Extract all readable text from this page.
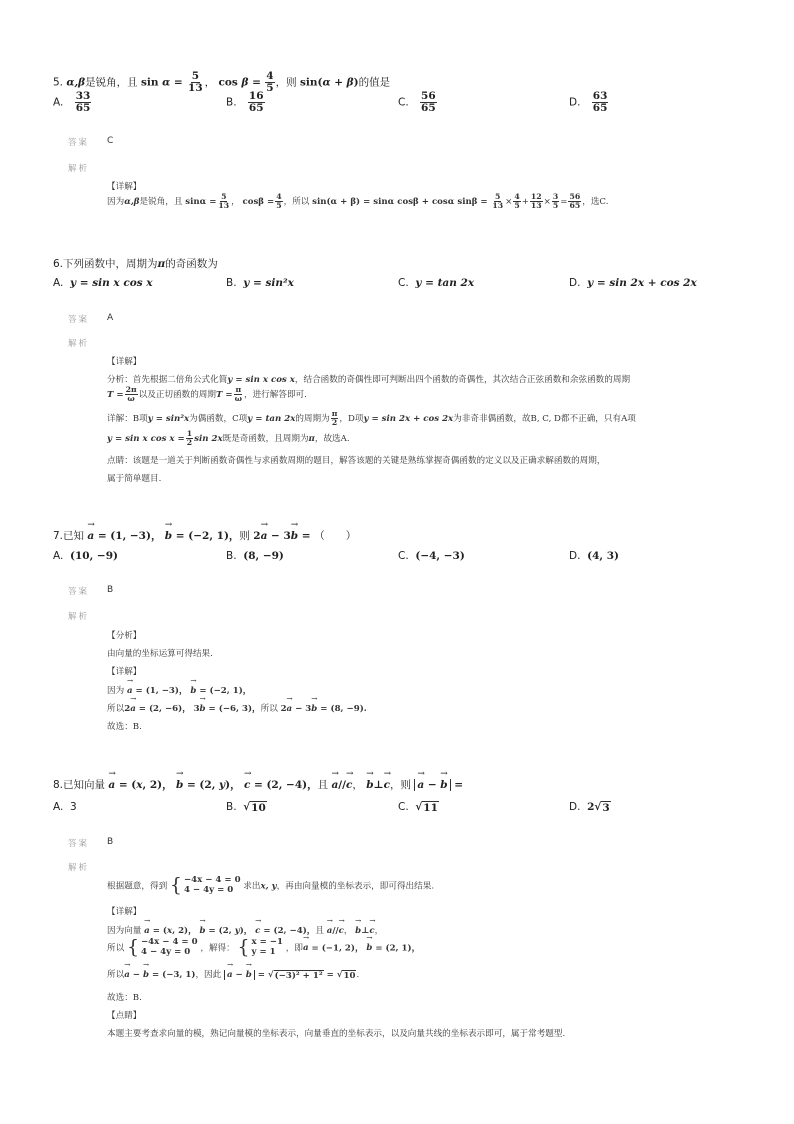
5. α,β是锐角，且 $\sin \alpha = \frac{5}{13}$ ， $\cos \beta = \frac{4}{5}$ ，则 sin(α + β)的值是
A. $\frac{33}{65}$	B. $\frac{16}{65}$	C. $\frac{56}{65}$	D. $\frac{63}{65}$
答案 C
解析
【详解】
因为α,β是锐角，且 $\sin\alpha = \frac{5}{13}$ ， $\cos\beta = \frac{4}{5}$ ，所以 sin(α + β) = sinα cosβ + cosα $\sin\beta = \frac{5}{13} \times \frac{4}{5} + \frac{12}{13} \times \frac{3}{5} = \frac{56}{65}$ ，选C.
6.下列函数中，周期为π的奇函数为
A. y = sin x cos x	B. y = sin²x	C. y = tan 2x	D. y = sin 2x + cos 2x
答案 A
解析
【详解】
分析：首先根据二倍角公式化简y = sin x cos x，结合函数的奇偶性即可判断出四个函数的奇偶性，其次结合正弦函数和余弦函数的周期
$T = \frac{2\pi}{\omega}$ 以及正切函数的周期$T = \frac{\pi}{\omega}$ ，进行解答即可.
详解：B项y = sin²x为偶函数，C项y = tan 2x的周期为 $\frac{\pi}{2}$ ，D项y = sin 2x + cos 2x为非奇非偶函数，故B, C, D都不正确，只有A项
y = sin x $\cos x = \frac{1}{2}$ sin 2x既是奇函数，且周期为π，故选A.
点睛：该题是一道关于判断函数奇偶性与求函数周期的题目，解答该题的关键是熟练掌握奇偶函数的定义以及正确求解函数的周期，
属于简单题目.
7.已知 → a = (1, −3)， → b = (−2, 1)，则 2→ a − 3→ b = （　　）
A. (10, −9)	B. (8, −9)	C. (−4, −3)	D. (4, 3)
答案 B
解析
【分析】
由向量的坐标运算可得结果.
【详解】
因为 → a = (1, −3)， → b = (−2, 1)，
所以2→ a = (2, −6)， 3→ b = (−6, 3)，所以 2→ a − 3→ b = (8, −9).
故选：B.
8.已知向量 → a = (x, 2)， → b = (2, y)， → c = (2, −4)，且 → a//→ c， → b⊥→ c，则 → a − → b =
A. 3	B. √ 10	C. √ 11	D. 2√ 3
答案 B
解析
根据题意，得到 { −4x − 4 = 0
4 − 4y = 0	求出x, y，再由向量模的坐标表示，即可得出结果.
【详解】
因为向量 → a = (x, 2)， → b = (2, y)， → c = (2, −4)，且 → a//→ c， → b⊥→ c，
所以 { −4x − 4 = 0
4 − 4y = 0	，解得： { x = −1
y = 1	，即→ a = (−1, 2)， → b = (2, 1)，
所以→ a − → b = (−3, 1)，因此 → a − → b = √ (−3)² + 1² = √ 10 .
故选：B.
【点睛】
本题主要考查求向量的模，熟记向量模的坐标表示，向量垂直的坐标表示，以及向量共线的坐标表示即可，属于常考题型.
